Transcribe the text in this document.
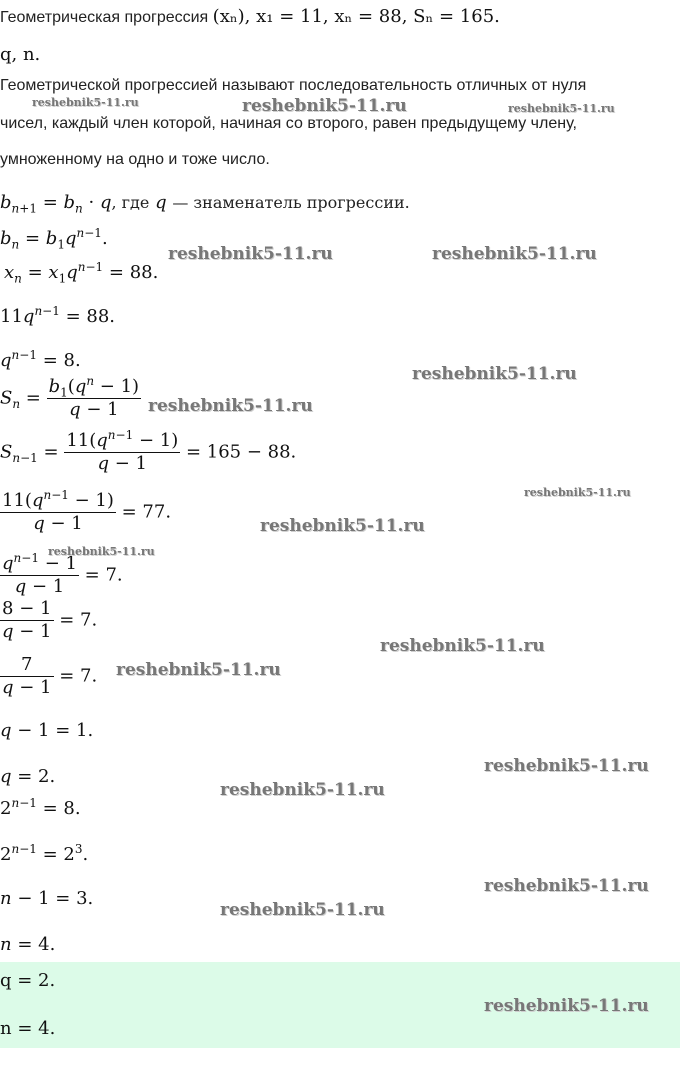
Геометрическая прогрессия (xₙ), x₁ = 11, xₙ = 88, Sₙ = 165.
q, n.
Геометрической прогрессией называют последовательность отличных от нуля
чисел, каждый член которой, начиная со второго, равен предыдущему члену,
умноженному на одно и тоже число.
$b_{n+1} = b_n \cdot q$, где q — знаменатель прогрессии.
$b_n = b_1q^{n-1}$.
$x_n = x_1q^{n-1} = 88$.
$11q^{n-1} = 88$.
$q^{n-1} = 8$.
$S_n = \frac{b_1(q^n - 1)}{q - 1}$
$S_{n-1} = \frac{11(q^{n-1} - 1)}{q - 1} = 165 - 88$.
$\frac{11(q^{n-1} - 1)}{q - 1} = 77$.
$\frac{q^{n-1} - 1}{q - 1} = 7$.
$\frac{8 - 1}{q - 1} = 7$.
$\frac{7}{q - 1} = 7$.
q − 1 = 1.
q = 2.
$2^{n-1} = 8$.
$2^{n-1} = 2^3$.
n − 1 = 3.
n = 4.
q = 2.
n = 4.
reshebnik5-11.ru	reshebnik5-11.ru	reshebnik5-11.ru
reshebnik5-11.ru	reshebnik5-11.ru
reshebnik5-11.ru
reshebnik5-11.ru
reshebnik5-11.ru
reshebnik5-11.ru
reshebnik5-11.ru
reshebnik5-11.ru
reshebnik5-11.ru
reshebnik5-11.ru
reshebnik5-11.ru
reshebnik5-11.ru
reshebnik5-11.ru
reshebnik5-11.ru
